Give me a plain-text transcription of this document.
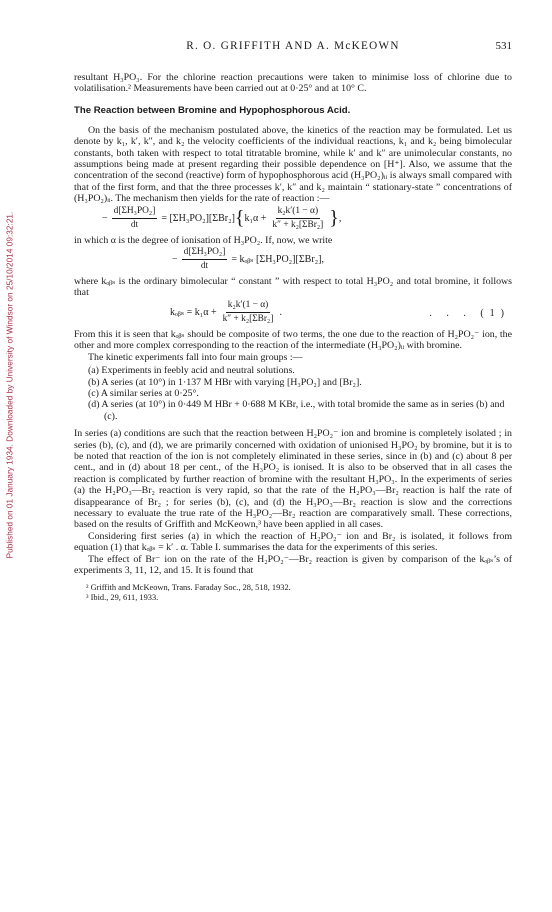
Published on 01 January 1934. Downloaded by University of Windsor on 25/10/2014 09:32:21.
R. O. GRIFFITH AND A. McKEOWN	531

resultant H₃PO₃. For the chlorine reaction precautions were taken to minimise loss of chlorine due to volatilisation.² Measurements have been carried out at 0·25° and at 10° C.

The Reaction between Bromine and Hypophosphorous Acid.

On the basis of the mechanism postulated above, the kinetics of the reaction may be formulated. Let us denote by k₁, k′, k″, and k₂ the velocity coefficients of the individual reactions, k₁ and k₂ being bimolecular constants, both taken with respect to total titratable bromine, while k′ and k″ are unimolecular constants, no assumptions being made at present regarding their possible dependence on [H⁺]. Also, we assume that the concentration of the second (reactive) form of hypophosphorous acid (H₃PO₂)ᵢᵢ is always small compared with that of the first form, and that the three processes k′, k″ and k₂ maintain “ stationary-state ” concentrations of (H₃PO₂)ᵢᵢ. The mechanism then yields for the rate of reaction :—

− $\frac{\text{d[ΣH₃PO₂]}}{dt} = [\Sigma H_3PO_2][\Sigma Br_2]$ { $k_1\alpha + \frac{\text{k₂k′(1 − α)}}{\text{k″ + k₂[ΣBr₂]}}$ } ,

in which α is the degree of ionisation of H₃PO₂. If, now, we write

− $\frac{\text{d[ΣH₃PO₂]}}{dt}$ = kₒᵦₛ [ΣH₃PO₂][ΣBr₂],

where kₒᵦₛ is the ordinary bimolecular “ constant ” with respect to total H₃PO₂ and total bromine, it follows that

kₒᵦₛ = $k_1\alpha + \frac{\text{k₂k′(1 − α)}}{\text{k″ + k₂[ΣBr₂]}}$ .	. . . (1)

From this it is seen that kₒᵦₛ should be composite of two terms, the one due to the reaction of H₂PO₂⁻ ion, the other and more complex corresponding to the reaction of the intermediate (H₃PO₂)ᵢᵢ with bromine.

The kinetic experiments fall into four main groups :—

(a) Experiments in feebly acid and neutral solutions.

(b) A series (at 10°) in 1·137 M HBr with varying [H₃PO₂] and [Br₂].

(c) A similar series at 0·25°.

(d) A series (at 10°) in 0·449 M HBr + 0·688 M KBr, i.e., with total bromide the same as in series (b) and (c).

In series (a) conditions are such that the reaction between H₂PO₂⁻ ion and bromine is completely isolated ; in series (b), (c), and (d), we are primarily concerned with oxidation of unionised H₃PO₂ by bromine, but it is to be noted that reaction of the ion is not completely eliminated in these series, since in (b) and (c) about 8 per cent., and in (d) about 18 per cent., of the H₃PO₂ is ionised. It is also to be observed that in all cases the reaction is complicated by further reaction of bromine with the resultant H₃PO₃. In the experiments of series (a) the H₂PO₃—Br₂ reaction is very rapid, so that the rate of the H₂PO₃—Br₂ reaction is half the rate of disappearance of Br₂ ; for series (b), (c), and (d) the H₃PO₃—Br₂ reaction is slow and the corrections necessary to evaluate the true rate of the H₃PO₂—Br₂ reaction are comparatively small. These corrections, based on the results of Griffith and McKeown,³ have been applied in all cases.

Considering first series (a) in which the reaction of H₂PO₂⁻ ion and Br₂ is isolated, it follows from equation (1) that kₒᵦₛ = k′ . α. Table I. summarises the data for the experiments of this series.

The effect of Br⁻ ion on the rate of the H₂PO₂⁻—Br₂ reaction is given by comparison of the kₒᵦₛ’s of experiments 3, 11, 12, and 15. It is found that

² Griffith and McKeown, Trans. Faraday Soc., 28, 518, 1932.

³ Ibid., 29, 611, 1933.
